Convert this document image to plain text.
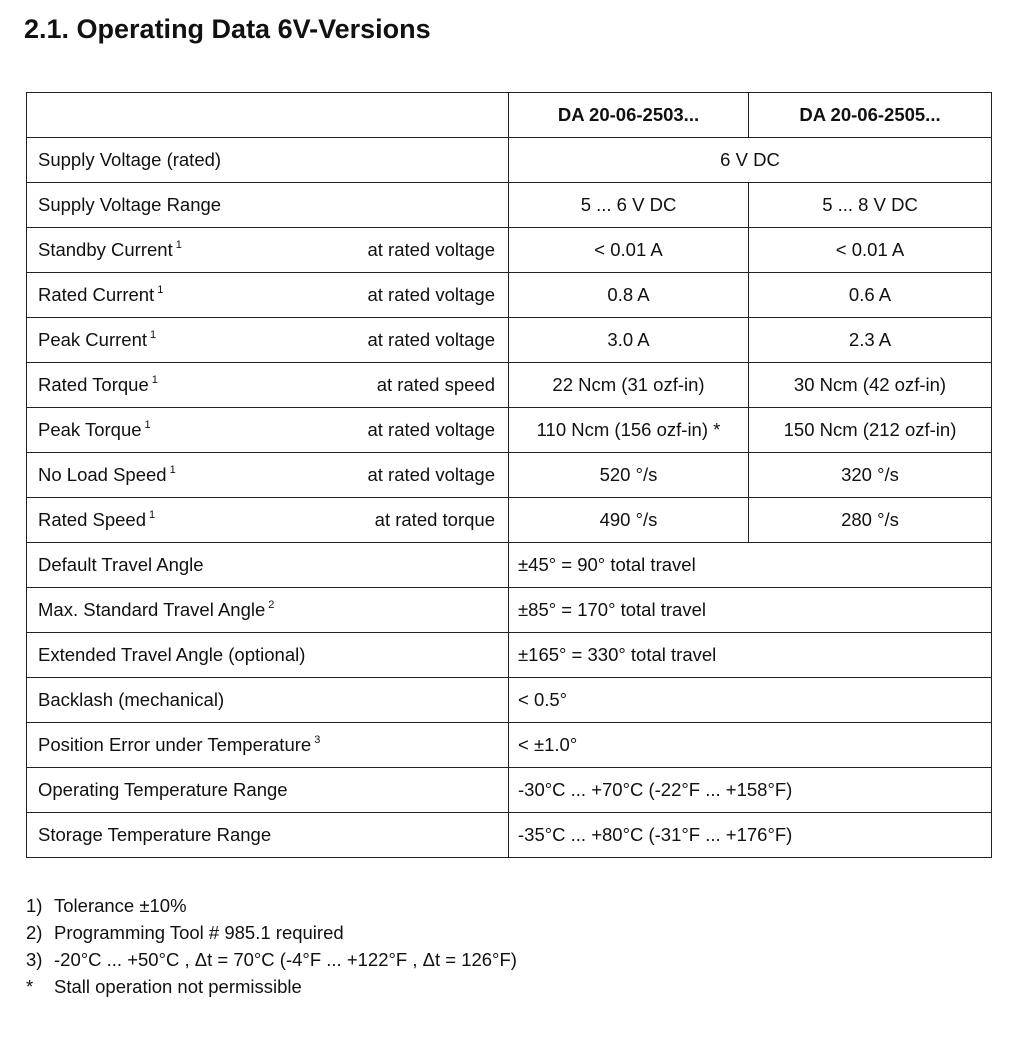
2.1. Operating Data 6V-Versions
		DA 20-06-2503...	DA 20-06-2505...
Supply Voltage (rated)		6 V DC	
Supply Voltage Range		5 ... 6 V DC	5 ... 8 V DC
Standby Current $^1$	at rated voltage	< 0.01 A	< 0.01 A
Rated Current $^1$	at rated voltage	0.8 A	0.6 A
Peak Current $^1$	at rated voltage	3.0 A	2.3 A
Rated Torque $^1$	at rated speed	22 Ncm (31 ozf-in)	30 Ncm (42 ozf-in)
Peak Torque $^1$	at rated voltage	110 Ncm (156 ozf-in) *	150 Ncm (212 ozf-in)
No Load Speed $^1$	at rated voltage	520 °/s	320 °/s
Rated Speed $^1$	at rated torque	490 °/s	280 °/s
Default Travel Angle		±45° = 90° total travel	
Max. Standard Travel Angle $^2$		±85° = 170° total travel	
Extended Travel Angle (optional)		±165° = 330° total travel	
Backlash (mechanical)		< 0.5°	
Position Error under Temperature $^3$		< ±1.0°	
Operating Temperature Range		-30°C ... +70°C (-22°F ... +158°F)	
Storage Temperature Range		-35°C ... +80°C (-31°F ... +176°F)	
1) Tolerance ±10%
2) Programming Tool # 985.1 required
3) -20°C ... +50°C , Δt = 70°C (-4°F ... +122°F , Δt = 126°F)
*	Stall operation not permissible
